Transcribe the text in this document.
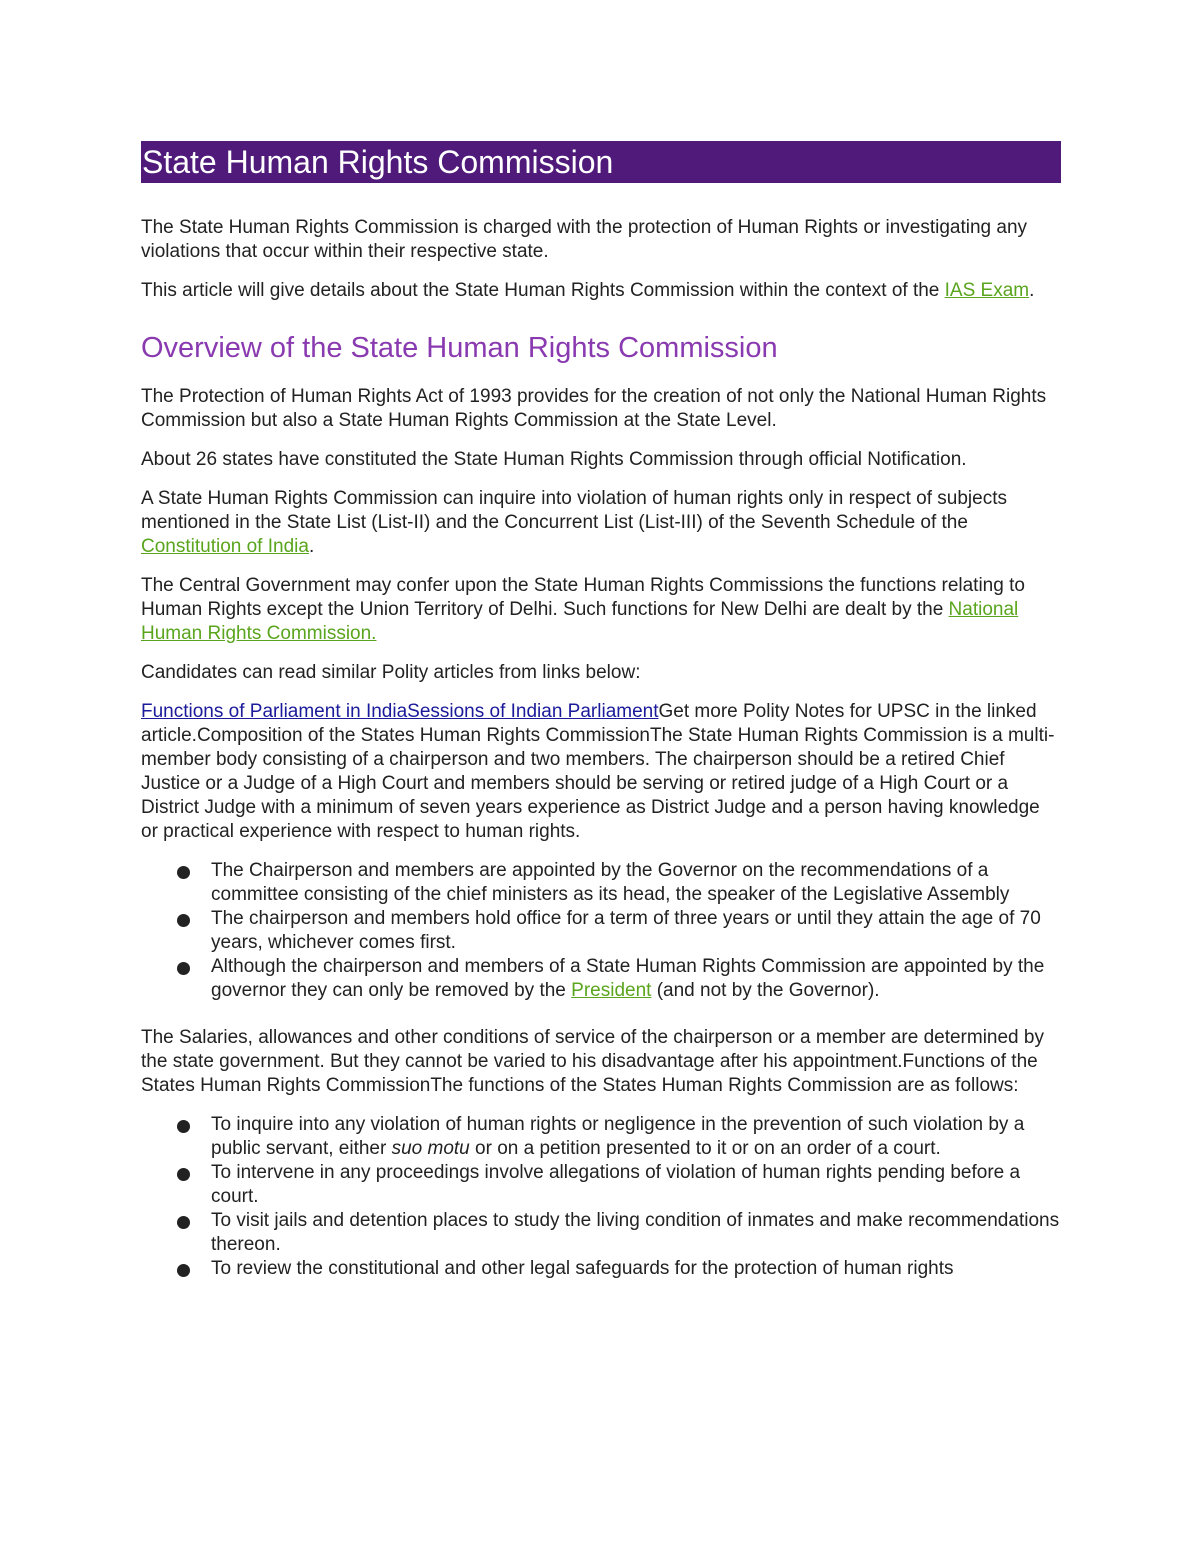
State Human Rights Commission

The State Human Rights Commission is charged with the protection of Human Rights or investigating any violations that occur within their respective state.

This article will give details about the State Human Rights Commission within the context of the IAS Exam.

Overview of the State Human Rights Commission

The Protection of Human Rights Act of 1993 provides for the creation of not only the National Human Rights Commission but also a State Human Rights Commission at the State Level.

About 26 states have constituted the State Human Rights Commission through official Notification.

A State Human Rights Commission can inquire into violation of human rights only in respect of subjects mentioned in the State List (List-II) and the Concurrent List (List-III) of the Seventh Schedule of the Constitution of India.

The Central Government may confer upon the State Human Rights Commissions the functions relating to Human Rights except the Union Territory of Delhi. Such functions for New Delhi are dealt by the National Human Rights Commission.

Candidates can read similar Polity articles from links below:

Functions of Parliament in IndiaSessions of Indian ParliamentGet more Polity Notes for UPSC in the linked article.Composition of the States Human Rights CommissionThe State Human Rights Commission is a multi-member body consisting of a chairperson and two members. The chairperson should be a retired Chief Justice or a Judge of a High Court and members should be serving or retired judge of a High Court or a District Judge with a minimum of seven years experience as District Judge and a person having knowledge or practical experience with respect to human rights.

The Chairperson and members are appointed by the Governor on the recommendations of a committee consisting of the chief ministers as its head, the speaker of the Legislative Assembly
The chairperson and members hold office for a term of three years or until they attain the age of 70 years, whichever comes first.
Although the chairperson and members of a State Human Rights Commission are appointed by the governor they can only be removed by the President (and not by the Governor).

The Salaries, allowances and other conditions of service of the chairperson or a member are determined by the state government. But they cannot be varied to his disadvantage after his appointment.Functions of the States Human Rights CommissionThe functions of the States Human Rights Commission are as follows:

To inquire into any violation of human rights or negligence in the prevention of such violation by a public servant, either suo motu or on a petition presented to it or on an order of a court.
To intervene in any proceedings involve allegations of violation of human rights pending before a court.
To visit jails and detention places to study the living condition of inmates and make recommendations thereon.
To review the constitutional and other legal safeguards for the protection of human rights
